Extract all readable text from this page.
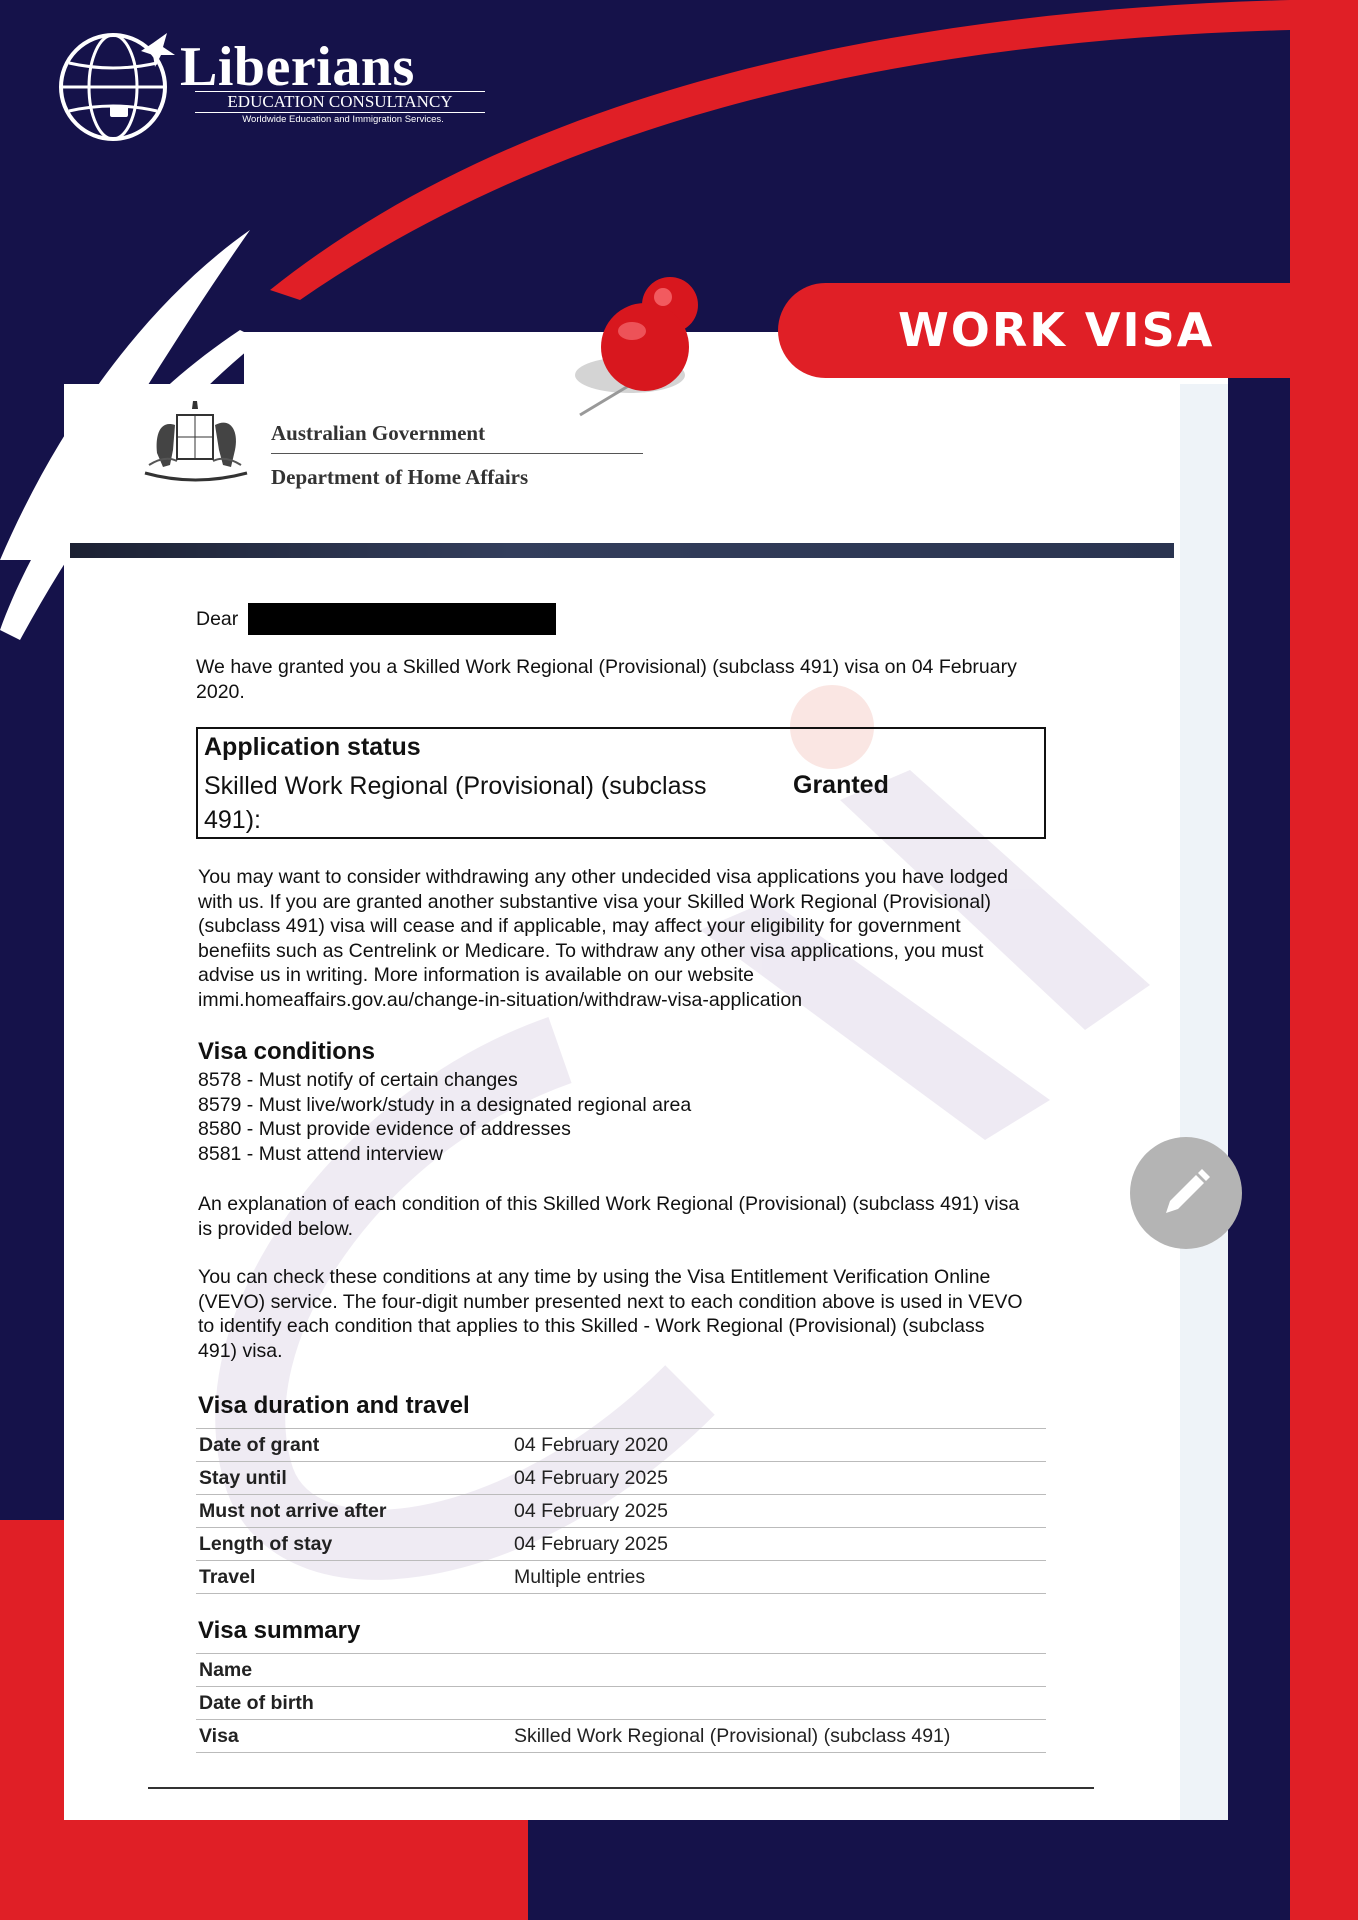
Liberians
EDUCATION CONSULTANCY
Worldwide Education and Immigration Services.
WORK VISA
Australian Government
Department of Home Affairs
Dear
We have granted you a Skilled Work Regional (Provisional) (subclass 491) visa on 04 February 2020.
Application status
Skilled Work Regional (Provisional) (subclass 491):
Granted
You may want to consider withdrawing any other undecided visa applications you have lodged with us. If you are granted another substantive visa your Skilled Work Regional (Provisional) (subclass 491) visa will cease and if applicable, may affect your eligibility for government benefiits such as Centrelink or Medicare. To withdraw any other visa applications, you must advise us in writing. More information is available on our website immi.homeaffairs.gov.au/change-in-situation/withdraw-visa-application
Visa conditions
8578 - Must notify of certain changes
8579 - Must live/work/study in a designated regional area
8580 - Must provide evidence of addresses
8581 - Must attend interview
An explanation of each condition of this Skilled Work Regional (Provisional) (subclass 491) visa is provided below.
You can check these conditions at any time by using the Visa Entitlement Verification Online (VEVO) service. The four-digit number presented next to each condition above is used in VEVO to identify each condition that applies to this Skilled - Work Regional (Provisional) (subclass 491) visa.
Visa duration and travel
Date of grant	04 February 2020
Stay until	04 February 2025
Must not arrive after	04 February 2025
Length of stay	04 February 2025
Travel	Multiple entries
Visa summary
Name
Date of birth
Visa	Skilled Work Regional (Provisional) (subclass 491)
